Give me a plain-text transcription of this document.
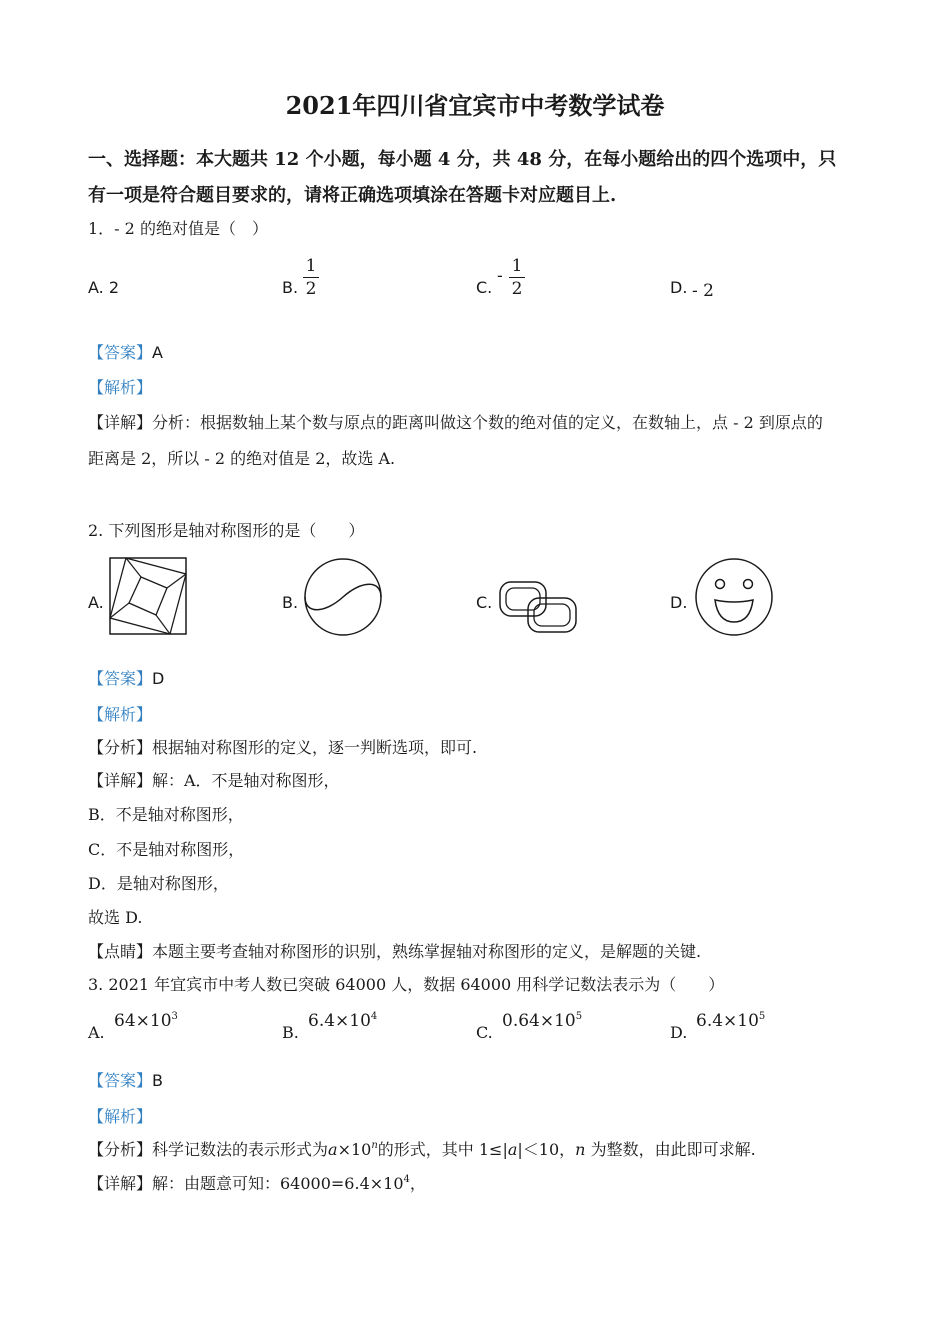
2021年四川省宜宾市中考数学试卷
一、选择题：本大题共 12 个小题，每小题 4 分，共 48 分，在每小题给出的四个选项中，只
有一项是符合题目要求的，请将正确选项填涂在答题卡对应题目上.
1．- 2 的绝对值是（　）
A. 2	B.
1
2	C.
- 1
2	D. - 2
【答案】A
【解析】
【详解】分析：根据数轴上某个数与原点的距离叫做这个数的绝对值的定义，在数轴上，点 - 2 到原点的
距离是 2，所以 - 2 的绝对值是 2，故选 A.
2. 下列图形是轴对称图形的是（　　）
A.	B.	C.	D.
【答案】D
【解析】
【分析】根据轴对称图形的定义，逐一判断选项，即可.
【详解】解：A．不是轴对称图形，
B．不是轴对称图形，
C．不是轴对称图形，
D．是轴对称图形，
故选 D.
【点睛】本题主要考查轴对称图形的识别，熟练掌握轴对称图形的定义，是解题的关键.
3. 2021 年宜宾市中考人数已突破 64000 人，数据 64000 用科学记数法表示为（　　）
A.
$64\times 10^3$
B.
$6.4\times 10^4$
C.
$0.64\times 10^5$
D.
$6.4\times 10^5$
【答案】B
【解析】
【分析】科学记数法的表示形式为$a\times 10^n$的形式，其中 1≤|a|＜10，n 为整数，由此即可求解.
【详解】解：由题意可知：$64000=6.4\times 10^4$，
